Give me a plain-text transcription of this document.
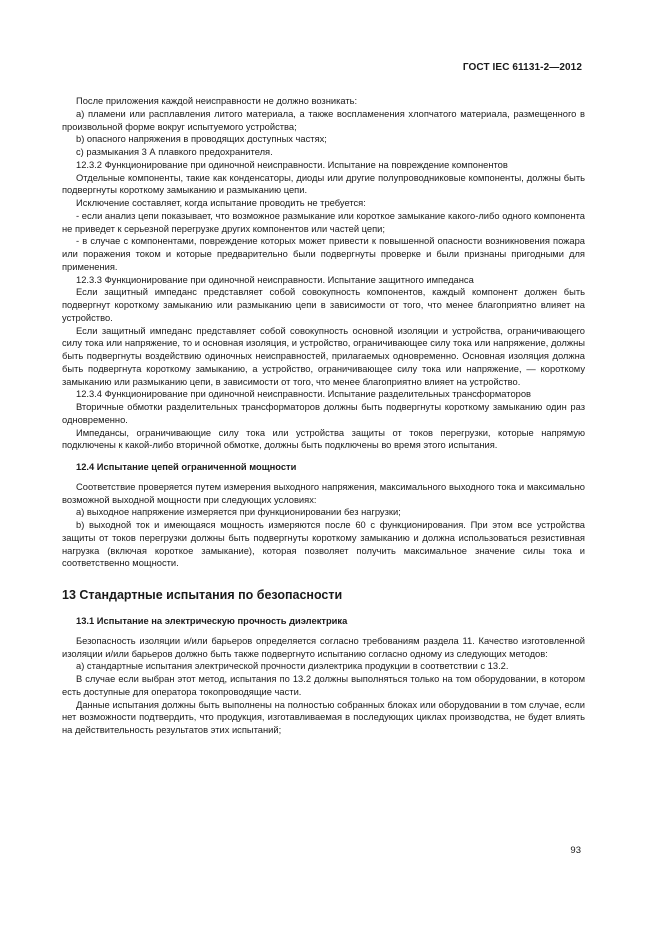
ГОСТ IEC 61131-2—2012

После приложения каждой неисправности не должно возникать:

a) пламени или расплавления литого материала, а также воспламенения хлопчатого материала, размещенного в произвольной форме вокруг испытуемого устройства;

b) опасного напряжения в проводящих доступных частях;

c) размыкания 3 А плавкого предохранителя.

12.3.2 Функционирование при одиночной неисправности. Испытание на повреждение компонентов

Отдельные компоненты, такие как конденсаторы, диоды или другие полупроводниковые компоненты, должны быть подвергнуты короткому замыканию и размыканию цепи.

Исключение составляет, когда испытание проводить не требуется:

- если анализ цепи показывает, что возможное размыкание или короткое замыкание какого-либо одного компонента не приведет к серьезной перегрузке других компонентов или частей цепи;

- в случае с компонентами, повреждение которых может привести к повышенной опасности возникновения пожара или поражения током и которые предварительно были подвергнуты проверке и были признаны пригодными для применения.

12.3.3 Функционирование при одиночной неисправности. Испытание защитного импеданса

Если защитный импеданс представляет собой совокупность компонентов, каждый компонент должен быть подвергнут короткому замыканию или размыканию цепи в зависимости от того, что менее благоприятно влияет на устройство.

Если защитный импеданс представляет собой совокупность основной изоляции и устройства, ограничивающего силу тока или напряжение, то и основная изоляция, и устройство, ограничивающее силу тока или напряжение, должны быть подвергнуты воздействию одиночных неисправностей, прилагаемых одновременно. Основная изоляция должна быть подвергнута короткому замыканию, а устройство, ограничивающее силу тока или напряжение, — короткому замыканию или размыканию цепи, в зависимости от того, что менее благоприятно влияет на устройство.

12.3.4 Функционирование при одиночной неисправности. Испытание разделительных трансформаторов

Вторичные обмотки разделительных трансформаторов должны быть подвергнуты короткому замыканию один раз одновременно.

Импедансы, ограничивающие силу тока или устройства защиты от токов перегрузки, которые напрямую подключены к какой-либо вторичной обмотке, должны быть подключены во время этого испытания.

12.4 Испытание цепей ограниченной мощности

Соответствие проверяется путем измерения выходного напряжения, максимального выходного тока и максимально возможной выходной мощности при следующих условиях:

a) выходное напряжение измеряется при функционировании без нагрузки;

b) выходной ток и имеющаяся мощность измеряются после 60 с функционирования. При этом все устройства защиты от токов перегрузки должны быть подвергнуты короткому замыканию и должна использоваться резистивная нагрузка (включая короткое замыкание), которая позволяет получить максимальное значение силы тока и соответственно мощности.

13 Стандартные испытания по безопасности

13.1 Испытание на электрическую прочность диэлектрика

Безопасность изоляции и/или барьеров определяется согласно требованиям раздела 11. Качество изготовленной изоляции и/или барьеров должно быть также подвергнуто испытанию согласно одному из следующих методов:

a) стандартные испытания электрической прочности диэлектрика продукции в соответствии с 13.2.

В случае если выбран этот метод, испытания по 13.2 должны выполняться только на том оборудовании, в котором есть доступные для оператора токопроводящие части.

Данные испытания должны быть выполнены на полностью собранных блоках или оборудовании в том случае, если нет возможности подтвердить, что продукция, изготавливаемая в последующих циклах производства, не будет влиять на действительность результатов этих испытаний;

93
